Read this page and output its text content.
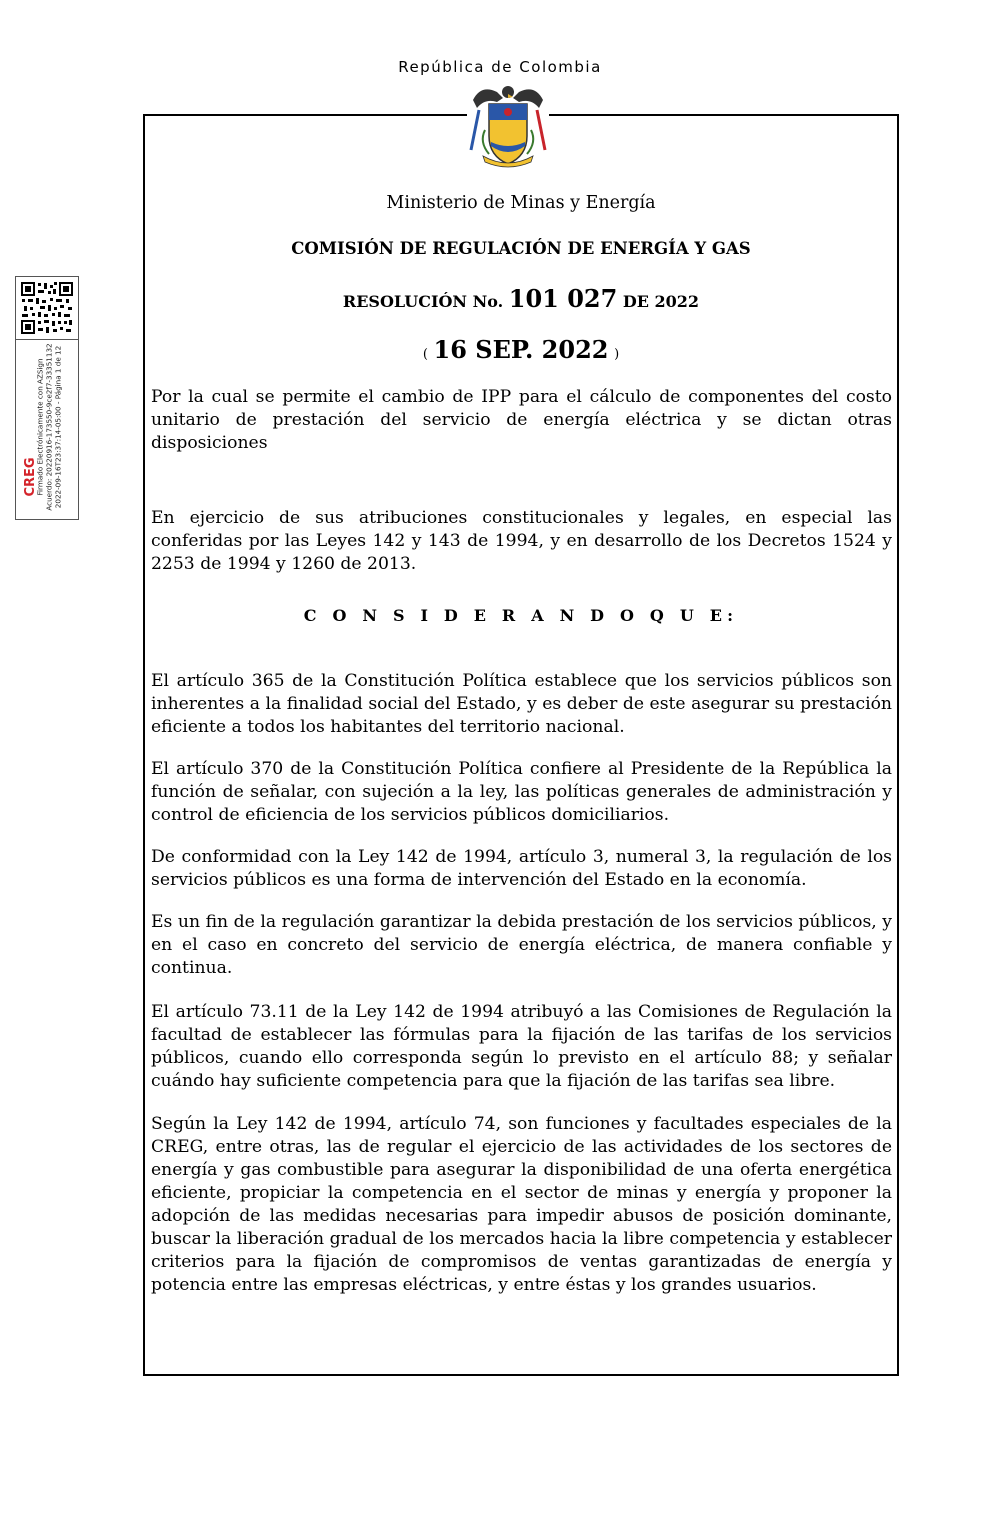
República de Colombia
Ministerio de Minas y Energía
COMISIÓN DE REGULACIÓN DE ENERGÍA Y GAS
RESOLUCIÓN No. 101 027 DE 2022
( 16 SEP. 2022 )
Por la cual se permite el cambio de IPP para el cálculo de componentes del costo unitario de prestación del servicio de energía eléctrica y se dictan otras disposiciones
En ejercicio de sus atribuciones constitucionales y legales, en especial las conferidas por las Leyes 142 y 143 de 1994, y en desarrollo de los Decretos 1524 y 2253 de 1994 y 1260 de 2013.
C O N S I D E R A N D O Q U E:
El artículo 365 de la Constitución Política establece que los servicios públicos son inherentes a la finalidad social del Estado, y es deber de este asegurar su prestación eficiente a todos los habitantes del territorio nacional.
El artículo 370 de la Constitución Política confiere al Presidente de la República la función de señalar, con sujeción a la ley, las políticas generales de administración y control de eficiencia de los servicios públicos domiciliarios.
De conformidad con la Ley 142 de 1994, artículo 3, numeral 3, la regulación de los servicios públicos es una forma de intervención del Estado en la economía.
Es un fin de la regulación garantizar la debida prestación de los servicios públicos, y en el caso en concreto del servicio de energía eléctrica, de manera confiable y continua.
El artículo 73.11 de la Ley 142 de 1994 atribuyó a las Comisiones de Regulación la facultad de establecer las fórmulas para la fijación de las tarifas de los servicios públicos, cuando ello corresponda según lo previsto en el artículo 88; y señalar cuándo hay suficiente competencia para que la fijación de las tarifas sea libre.
Según la Ley 142 de 1994, artículo 74, son funciones y facultades especiales de la CREG, entre otras, las de regular el ejercicio de las actividades de los sectores de energía y gas combustible para asegurar la disponibilidad de una oferta energética eficiente, propiciar la competencia en el sector de minas y energía y proponer la adopción de las medidas necesarias para impedir abusos de posición dominante, buscar la liberación gradual de los mercados hacia la libre competencia y establecer criterios para la fijación de compromisos de ventas garantizadas de energía y potencia entre las empresas eléctricas, y entre éstas y los grandes usuarios.
Firmado Electrónicamente con AZSign Acuerdo: 20220916-173550-9ce2f7-33351132 2022-09-16T23:37:14-05:00 - Página 1 de 12
CREG
